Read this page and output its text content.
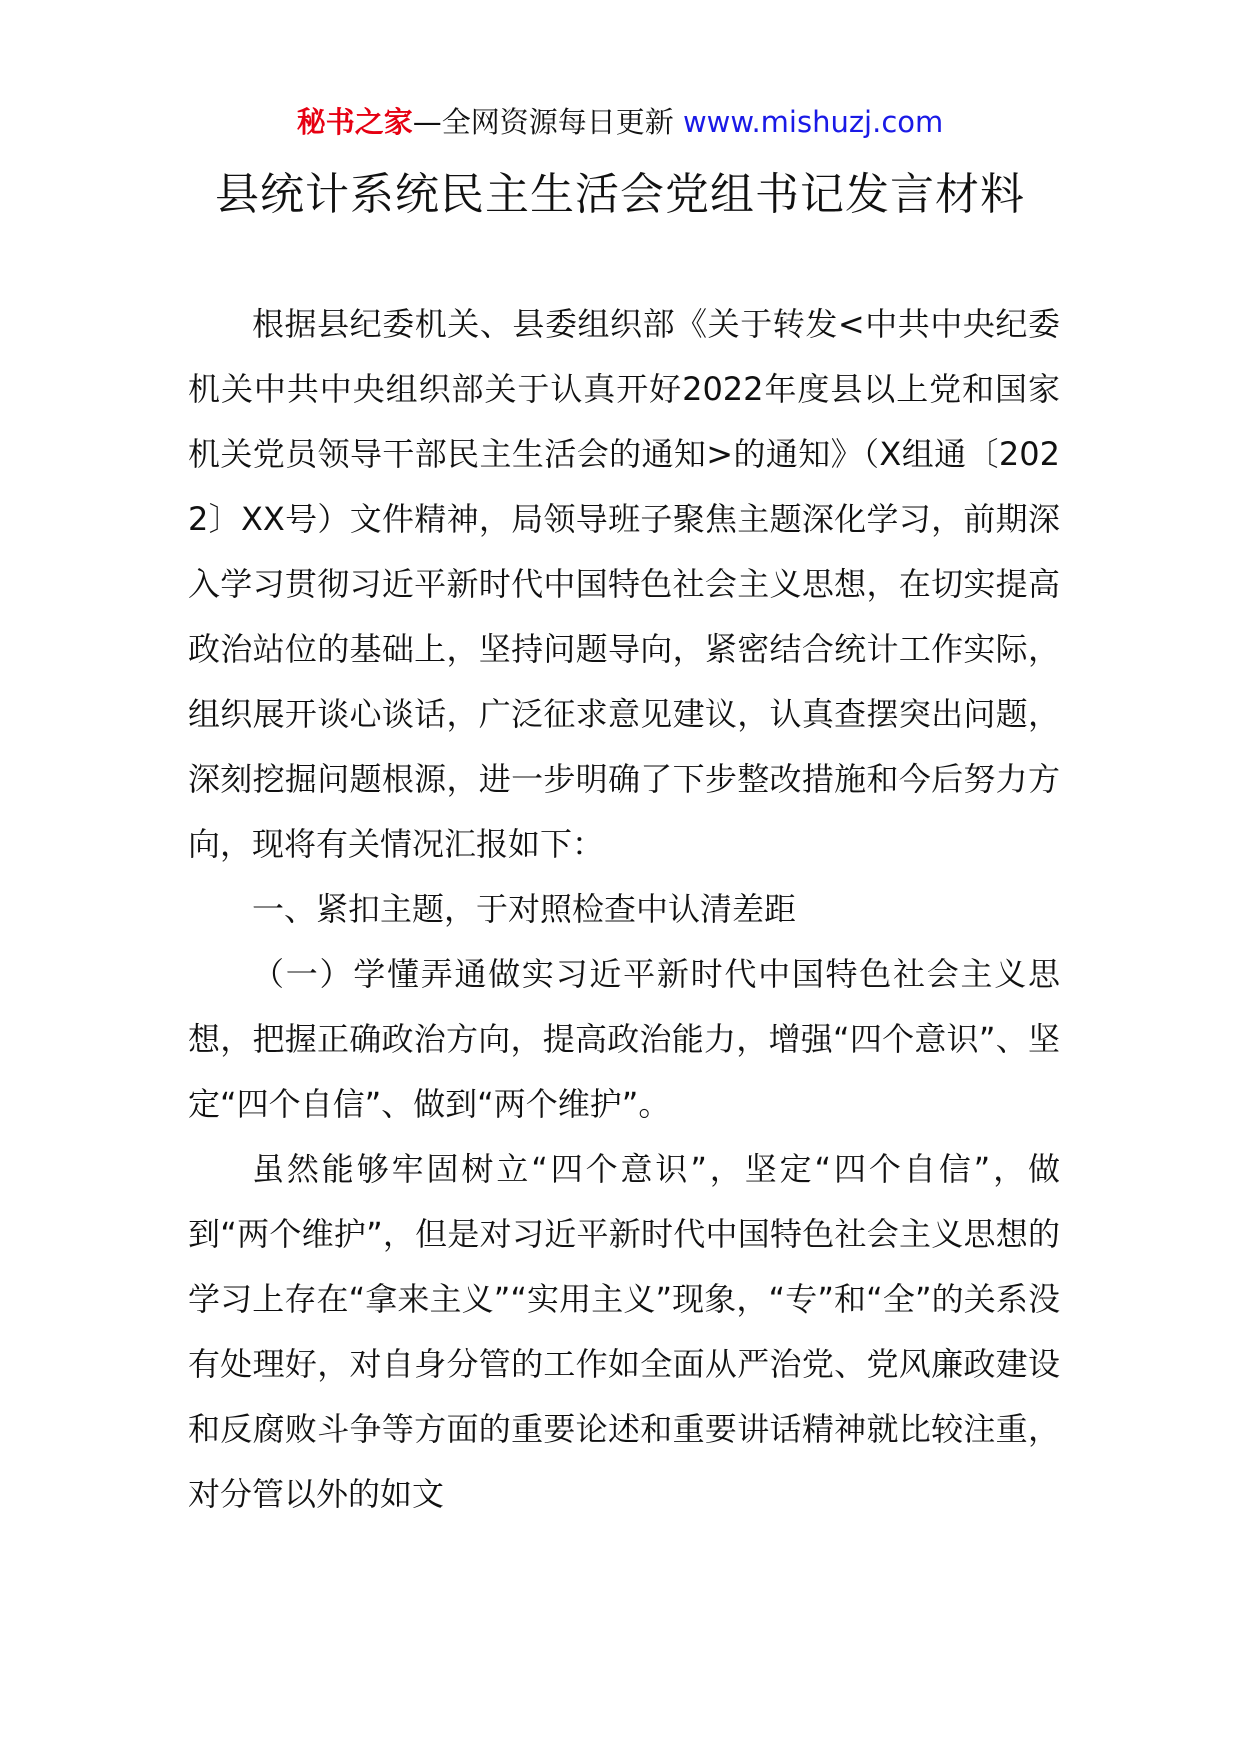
秘书之家—全网资源每日更新 www.mishuzj.com
县统计系统民主生活会党组书记发言材料

根据县纪委机关、县委组织部《关于转发<中共中央纪委机关中共中央组织部关于认真开好2022年度县以上党和国家机关党员领导干部民主生活会的通知>的通知》（X组通〔2022〕XX号）文件精神，局领导班子聚焦主题深化学习，前期深入学习贯彻习近平新时代中国特色社会主义思想，在切实提高政治站位的基础上，坚持问题导向，紧密结合统计工作实际，组织展开谈心谈话，广泛征求意见建议，认真查摆突出问题，深刻挖掘问题根源，进一步明确了下步整改措施和今后努力方向，现将有关情况汇报如下：

一、紧扣主题，于对照检查中认清差距

（一）学懂弄通做实习近平新时代中国特色社会主义思想，把握正确政治方向，提高政治能力，增强“四个意识”、坚定“四个自信”、做到“两个维护”。

虽然能够牢固树立“四个意识”，坚定“四个自信”，做到“两个维护”，但是对习近平新时代中国特色社会主义思想的学习上存在“拿来主义”“实用主义”现象，“专”和“全”的关系没有处理好，对自身分管的工作如全面从严治党、党风廉政建设和反腐败斗争等方面的重要论述和重要讲话精神就比较注重，对分管以外的如文
